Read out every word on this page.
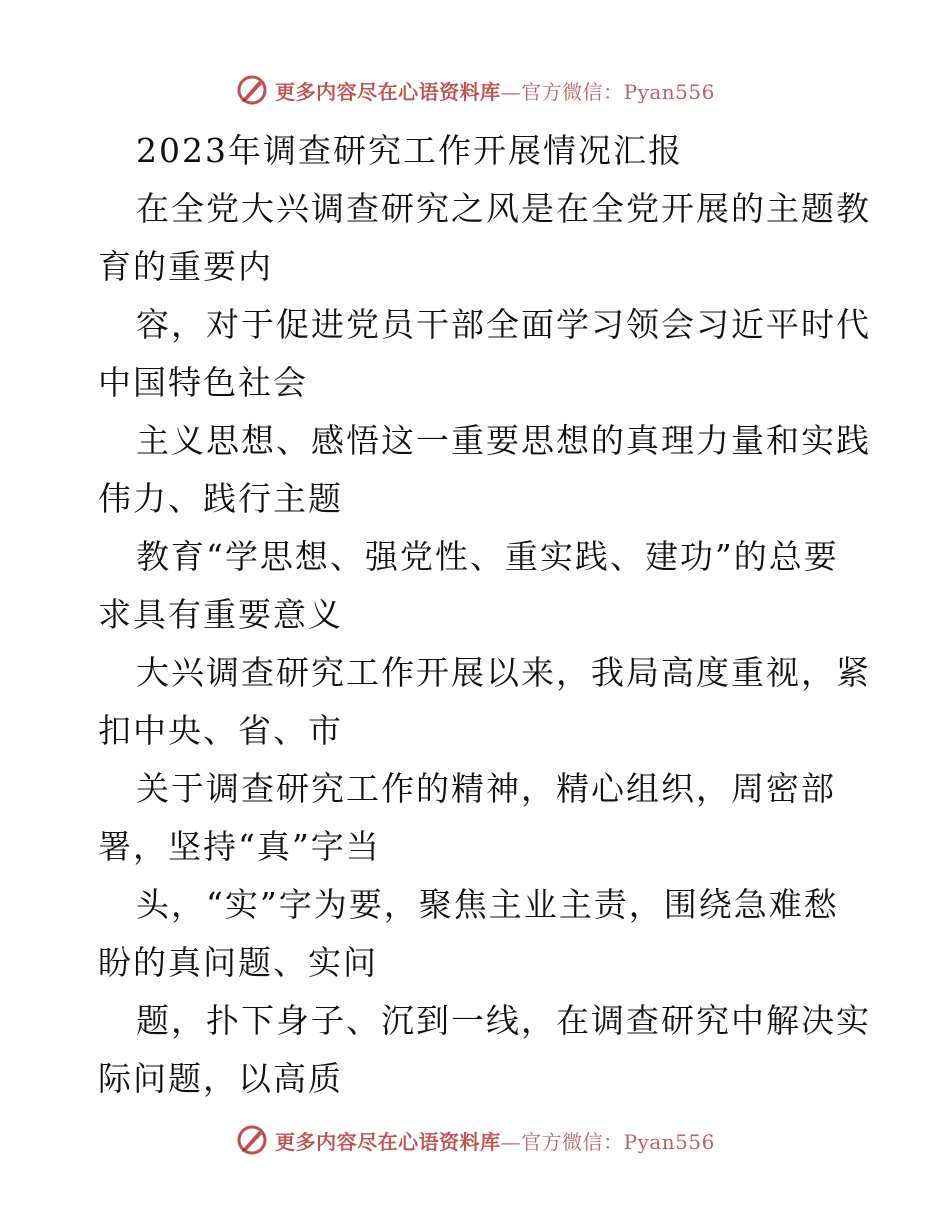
更多内容尽在心语资料库—官方微信：Pyan556
2023年调查研究工作开展情况汇报
在全党大兴调查研究之风是在全党开展的主题教
育的重要内
容，对于促进党员干部全面学习领会习近平时代
中国特色社会
主义思想、感悟这一重要思想的真理力量和实践
伟力、践行主题
教育“学思想、强党性、重实践、建功”的总要
求具有重要意义
大兴调查研究工作开展以来，我局高度重视，紧
扣中央、省、市
关于调查研究工作的精神，精心组织，周密部
署，坚持“真”字当
头，“实”字为要，聚焦主业主责，围绕急难愁
盼的真问题、实问
题，扑下身子、沉到一线，在调查研究中解决实
际问题，以高质
更多内容尽在心语资料库—官方微信：Pyan556
